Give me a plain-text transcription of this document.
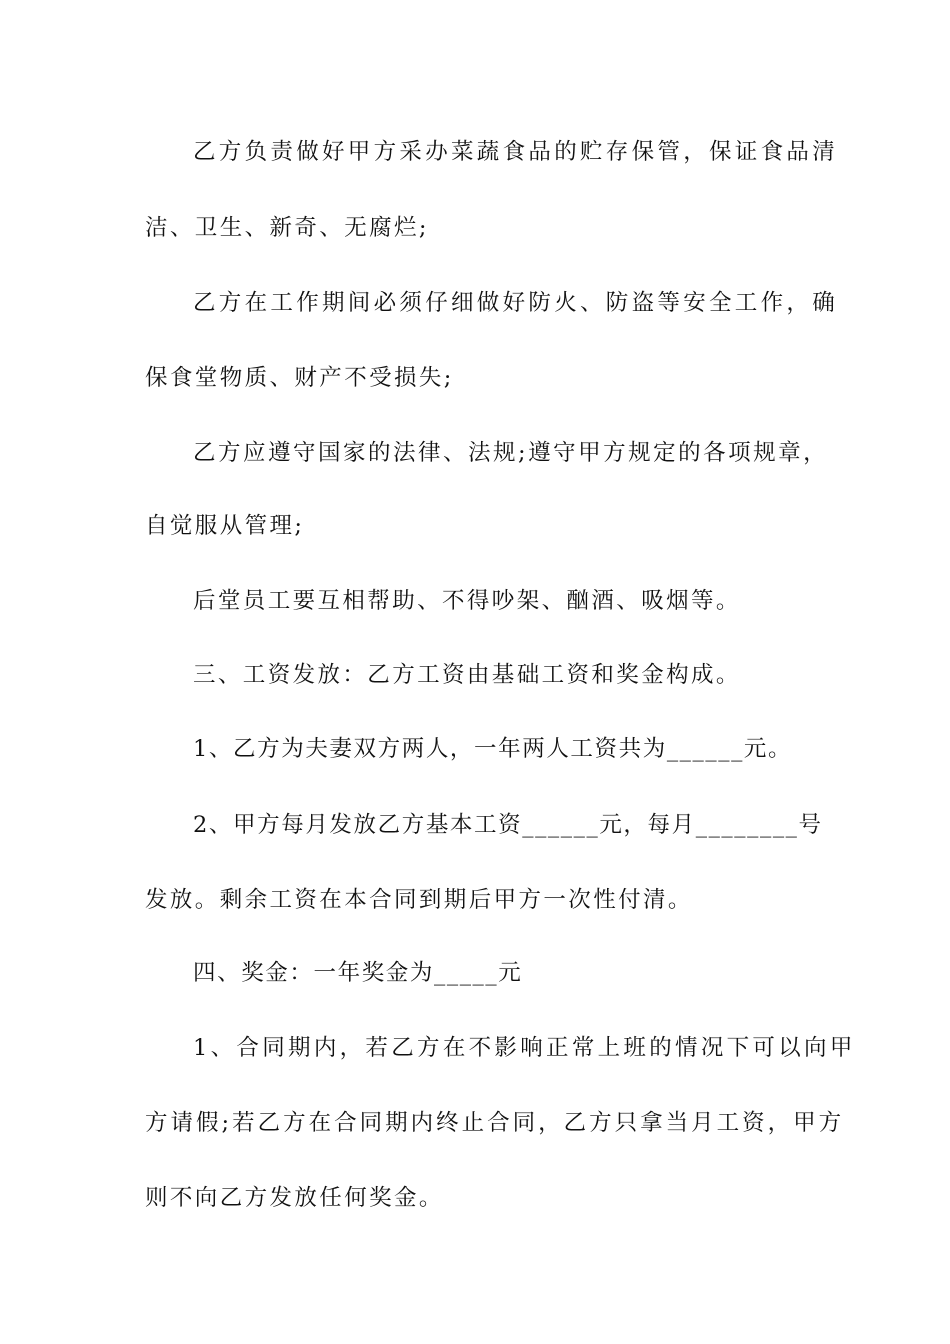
乙方负责做好甲方采办菜蔬食品的贮存保管，保证食品清
洁、卫生、新奇、无腐烂;
乙方在工作期间必须仔细做好防火、防盗等安全工作，确
保食堂物质、财产不受损失;
乙方应遵守国家的法律、法规;遵守甲方规定的各项规章，
自觉服从管理;
后堂员工要互相帮助、不得吵架、酗酒、吸烟等。
三、工资发放：乙方工资由基础工资和奖金构成。
1、乙方为夫妻双方两人，一年两人工资共为______元。
2、甲方每月发放乙方基本工资______元，每月________号
发放。剩余工资在本合同到期后甲方一次性付清。
四、奖金：一年奖金为_____元
1、合同期内，若乙方在不影响正常上班的情况下可以向甲
方请假;若乙方在合同期内终止合同，乙方只拿当月工资，甲方
则不向乙方发放任何奖金。
